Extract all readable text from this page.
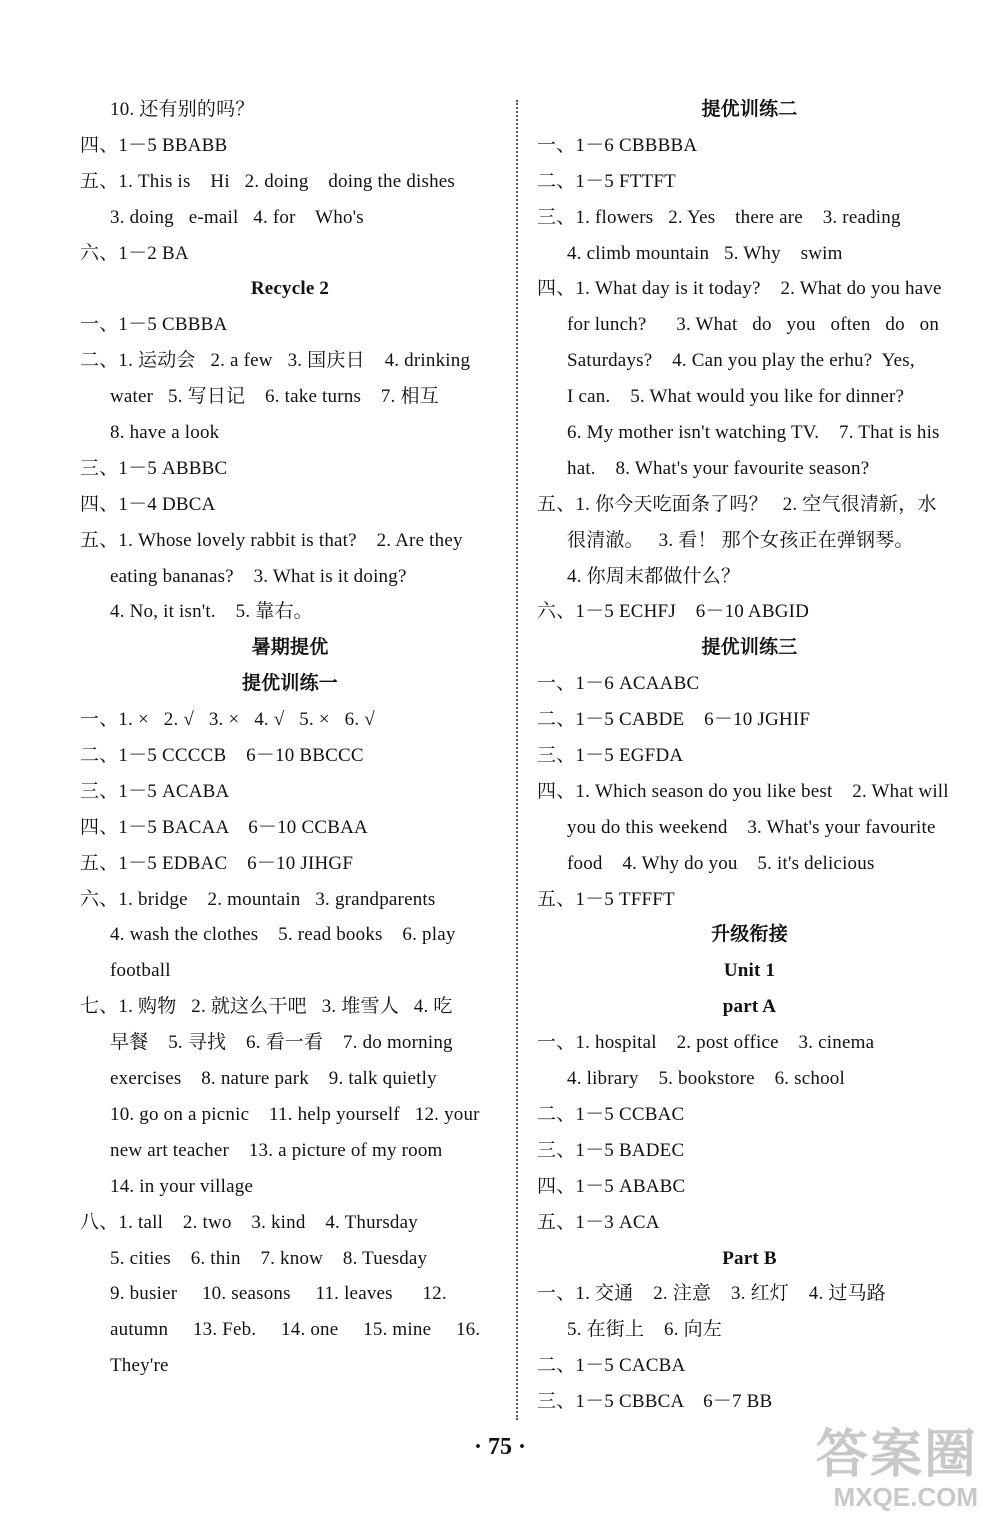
10. 还有别的吗？
四、1－5 BBABB
五、1. This is    Hi   2. doing    doing the dishes
3. doing   e-mail   4. for    Who's
六、1－2 BA
Recycle 2
一、1－5 CBBBA
二、1. 运动会   2. a few   3. 国庆日    4. drinking
water   5. 写日记    6. take turns    7. 相互
8. have a look
三、1－5 ABBBC
四、1－4 DBCA
五、1. Whose lovely rabbit is that?    2. Are they
eating bananas?    3. What is it doing?
4. No, it isn't.    5. 靠右。
暑期提优
提优训练一
一、1. ×   2. √   3. ×   4. √   5. ×   6. √
二、1－5 CCCCB    6－10 BBCCC
三、1－5 ACABA
四、1－5 BACAA    6－10 CCBAA
五、1－5 EDBAC    6－10 JIHGF
六、1. bridge    2. mountain   3. grandparents
4. wash the clothes    5. read books    6. play
football
七、1. 购物   2. 就这么干吧   3. 堆雪人   4. 吃
早餐    5. 寻找    6. 看一看    7. do morning
exercises    8. nature park    9. talk quietly
10. go on a picnic    11. help yourself   12. your
new art teacher    13. a picture of my room
14. in your village
八、1. tall    2. two    3. kind    4. Thursday
5. cities    6. thin    7. know    8. Tuesday
9. busier     10. seasons     11. leaves      12.
autumn     13. Feb.     14. one     15. mine     16.
They're
提优训练二
一、1－6 CBBBBA
二、1－5 FTTFT
三、1. flowers   2. Yes    there are    3. reading
4. climb mountain   5. Why    swim
四、1. What day is it today?    2. What do you have
for lunch?      3. What   do   you   often   do   on
Saturdays?    4. Can you play the erhu?  Yes,
I can.    5. What would you like for dinner?
6. My mother isn't watching TV.    7. That is his
hat.    8. What's your favourite season?
五、1. 你今天吃面条了吗？   2. 空气很清新，水
很清澈。   3. 看！ 那个女孩正在弹钢琴。
4. 你周末都做什么？
六、1－5 ECHFJ    6－10 ABGID
提优训练三
一、1－6 ACAABC
二、1－5 CABDE    6－10 JGHIF
三、1－5 EGFDA
四、1. Which season do you like best    2. What will
you do this weekend    3. What's your favourite
food    4. Why do you    5. it's delicious
五、1－5 TFFFT
升级衔接
Unit 1
part A
一、1. hospital    2. post office    3. cinema
4. library    5. bookstore    6. school
二、1－5 CCBAC
三、1－5 BADEC
四、1－5 ABABC
五、1－3 ACA
Part B
一、1. 交通    2. 注意    3. 红灯    4. 过马路
5. 在街上    6. 向左
二、1－5 CACBA
三、1－5 CBBCA    6－7 BB
· 75 ·	答案圈
MXQE.COM
